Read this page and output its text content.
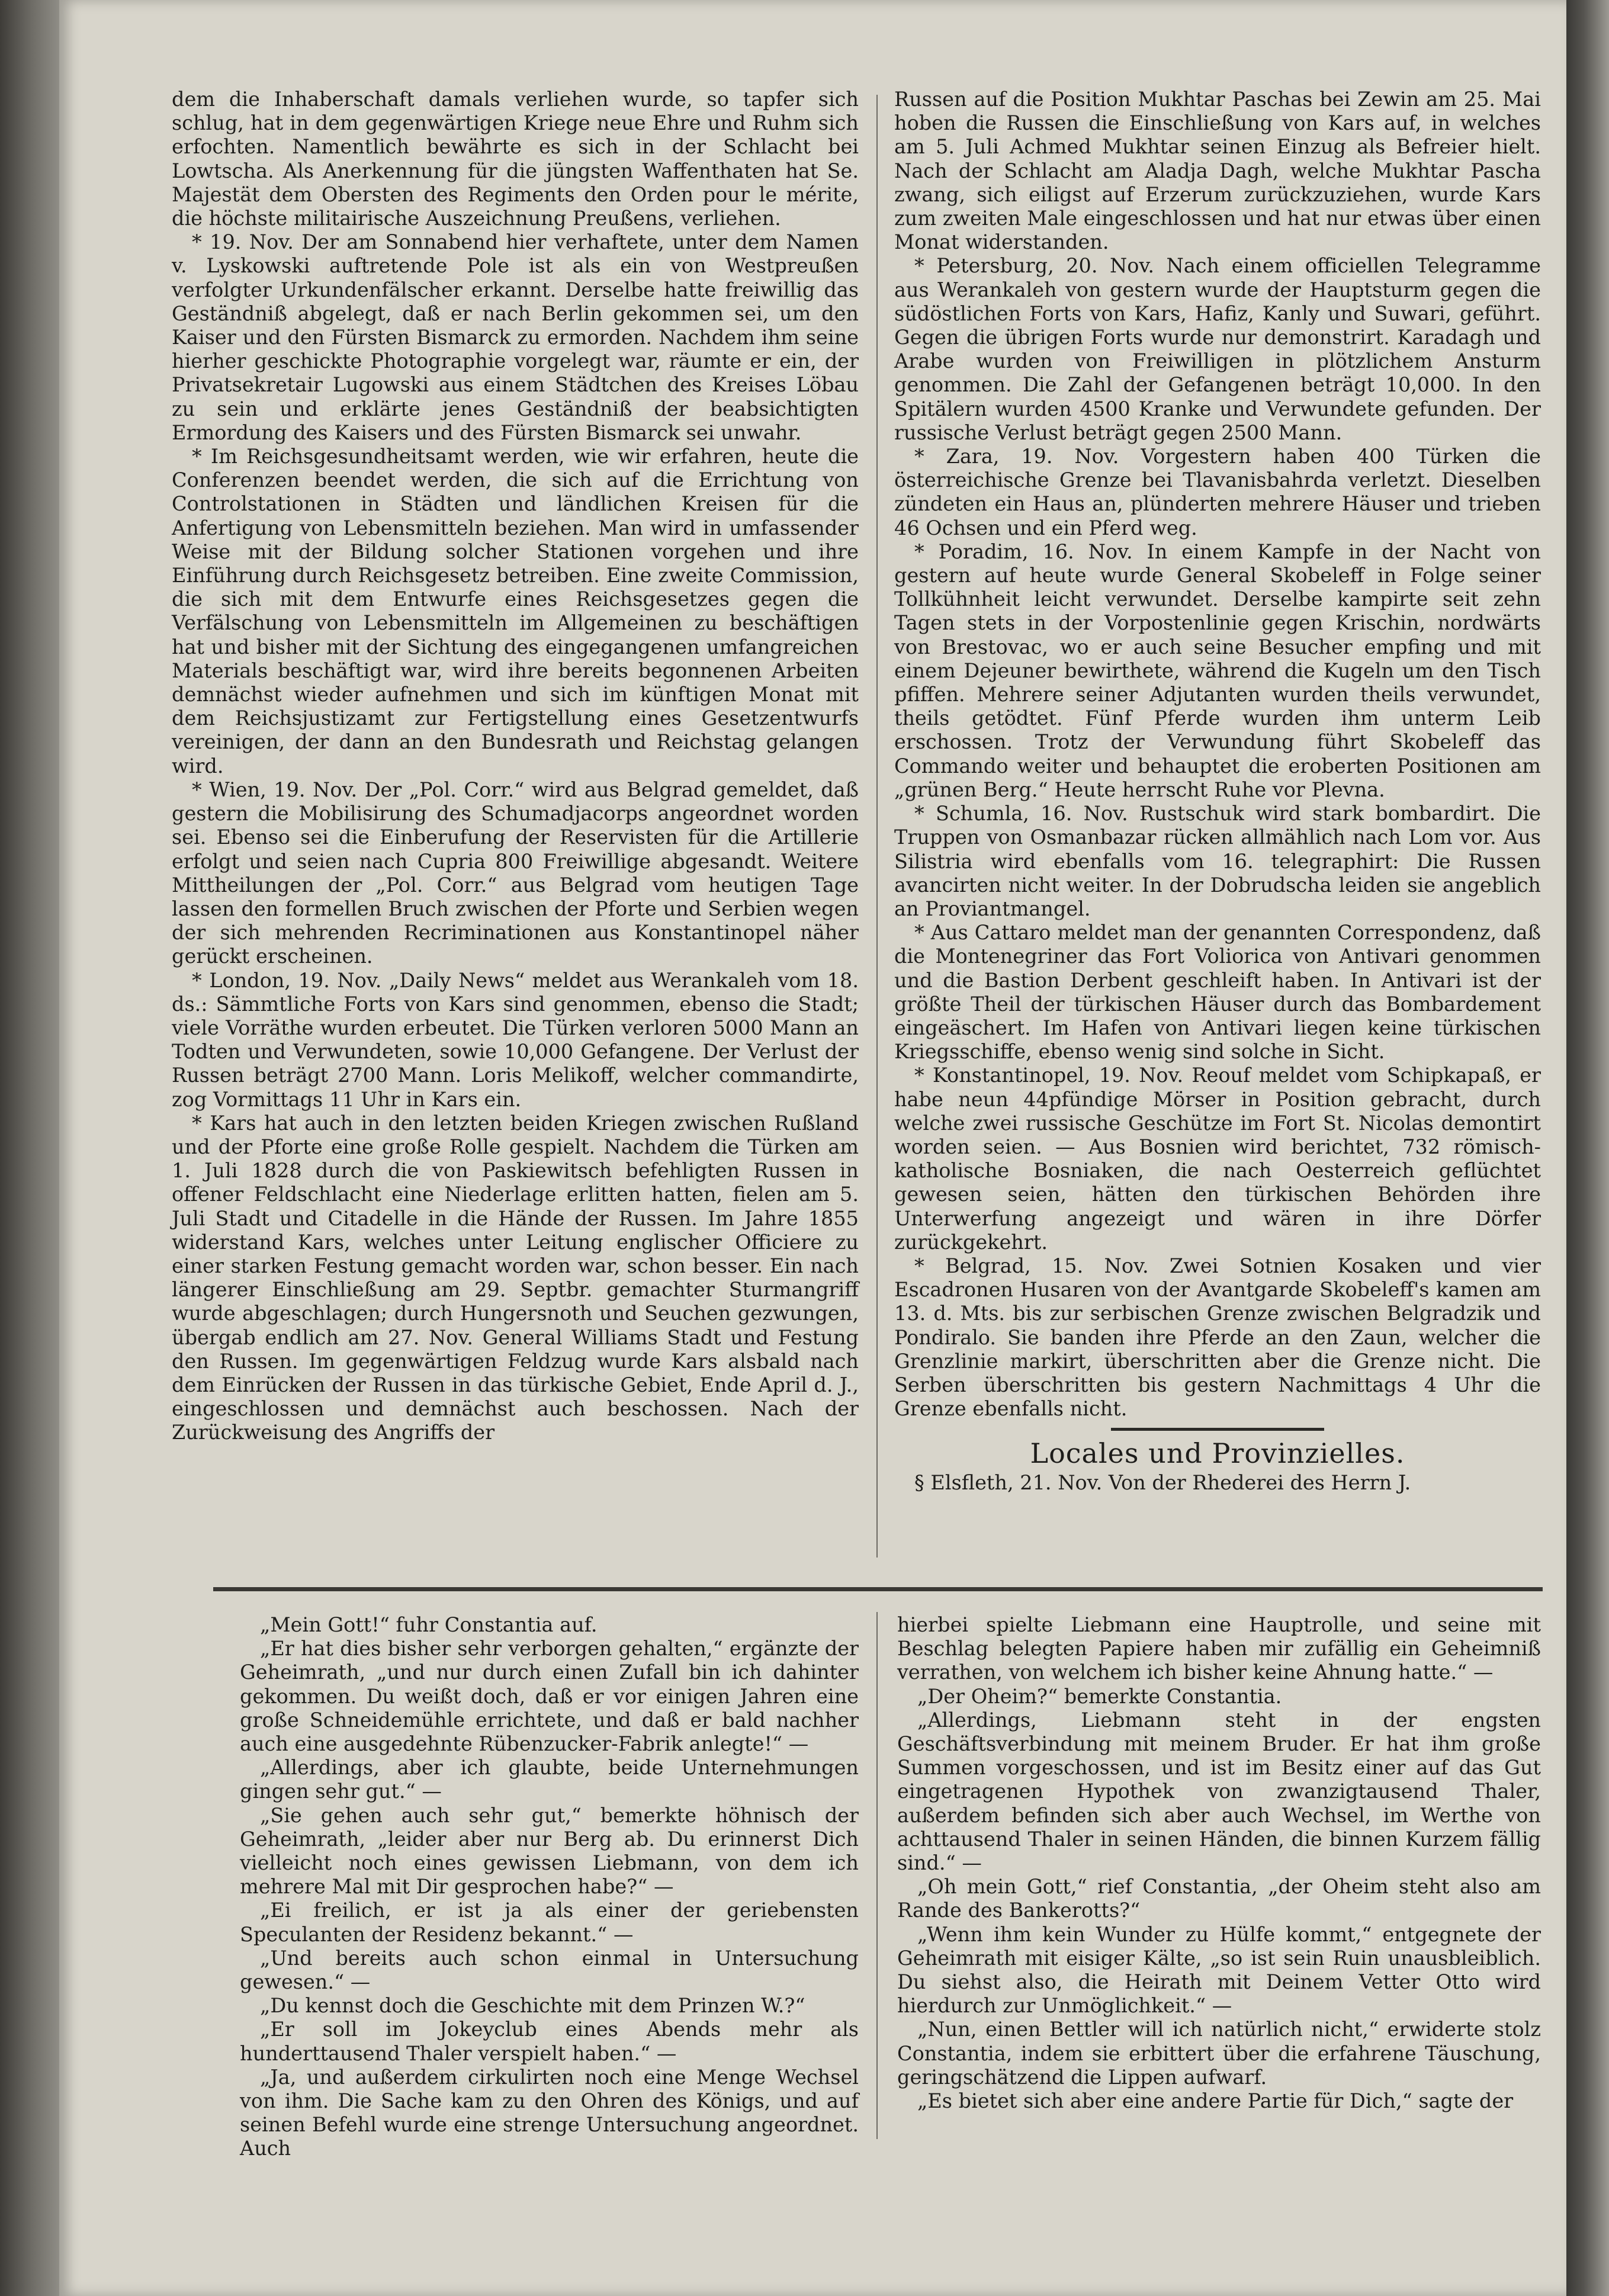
dem die Inhaberschaft damals verliehen wurde, so tapfer sich schlug, hat in dem gegenwärtigen Kriege neue Ehre und Ruhm sich erfochten. Namentlich bewährte es sich in der Schlacht bei Lowtscha. Als Anerkennung für die jüngsten Waffenthaten hat Se. Majestät dem Obersten des Regiments den Orden pour le mérite, die höchste militairische Auszeichnung Preußens, verliehen.

* 19. Nov. Der am Sonnabend hier verhaftete, unter dem Namen v. Lyskowski auftretende Pole ist als ein von Westpreußen verfolgter Urkundenfälscher erkannt. Derselbe hatte freiwillig das Geständniß abgelegt, daß er nach Berlin gekommen sei, um den Kaiser und den Fürsten Bismarck zu ermorden. Nachdem ihm seine hierher geschickte Photographie vorgelegt war, räumte er ein, der Privatsekretair Lugowski aus einem Städtchen des Kreises Löbau zu sein und erklärte jenes Geständniß der beabsichtigten Ermordung des Kaisers und des Fürsten Bismarck sei unwahr.

* Im Reichsgesundheitsamt werden, wie wir erfahren, heute die Conferenzen beendet werden, die sich auf die Errichtung von Controlstationen in Städten und ländlichen Kreisen für die Anfertigung von Lebensmitteln beziehen. Man wird in umfassender Weise mit der Bildung solcher Stationen vorgehen und ihre Einführung durch Reichsgesetz betreiben. Eine zweite Commission, die sich mit dem Entwurfe eines Reichsgesetzes gegen die Verfälschung von Lebensmitteln im Allgemeinen zu beschäftigen hat und bisher mit der Sichtung des eingegangenen umfangreichen Materials beschäftigt war, wird ihre bereits begonnenen Arbeiten demnächst wieder aufnehmen und sich im künftigen Monat mit dem Reichsjustizamt zur Fertigstellung eines Gesetzentwurfs vereinigen, der dann an den Bundesrath und Reichstag gelangen wird.

* Wien, 19. Nov. Der „Pol. Corr.“ wird aus Belgrad gemeldet, daß gestern die Mobilisirung des Schumadjacorps angeordnet worden sei. Ebenso sei die Einberufung der Reservisten für die Artillerie erfolgt und seien nach Cupria 800 Freiwillige abgesandt. Weitere Mittheilungen der „Pol. Corr.“ aus Belgrad vom heutigen Tage lassen den formellen Bruch zwischen der Pforte und Serbien wegen der sich mehrenden Recriminationen aus Konstantinopel näher gerückt erscheinen.

* London, 19. Nov. „Daily News“ meldet aus Werankaleh vom 18. ds.: Sämmtliche Forts von Kars sind genommen, ebenso die Stadt; viele Vorräthe wurden erbeutet. Die Türken verloren 5000 Mann an Todten und Verwundeten, sowie 10,000 Gefangene. Der Verlust der Russen beträgt 2700 Mann. Loris Melikoff, welcher commandirte, zog Vormittags 11 Uhr in Kars ein.

* Kars hat auch in den letzten beiden Kriegen zwischen Rußland und der Pforte eine große Rolle gespielt. Nachdem die Türken am 1. Juli 1828 durch die von Paskiewitsch befehligten Russen in offener Feldschlacht eine Niederlage erlitten hatten, fielen am 5. Juli Stadt und Citadelle in die Hände der Russen. Im Jahre 1855 widerstand Kars, welches unter Leitung englischer Officiere zu einer starken Festung gemacht worden war, schon besser. Ein nach längerer Einschließung am 29. Septbr. gemachter Sturmangriff wurde abgeschlagen; durch Hungersnoth und Seuchen gezwungen, übergab endlich am 27. Nov. General Williams Stadt und Festung den Russen. Im gegenwärtigen Feldzug wurde Kars alsbald nach dem Einrücken der Russen in das türkische Gebiet, Ende April d. J., eingeschlossen und demnächst auch beschossen. Nach der Zurückweisung des Angriffs der

Russen auf die Position Mukhtar Paschas bei Zewin am 25. Mai hoben die Russen die Einschließung von Kars auf, in welches am 5. Juli Achmed Mukhtar seinen Einzug als Befreier hielt. Nach der Schlacht am Aladja Dagh, welche Mukhtar Pascha zwang, sich eiligst auf Erzerum zurückzuziehen, wurde Kars zum zweiten Male eingeschlossen und hat nur etwas über einen Monat widerstanden.

* Petersburg, 20. Nov. Nach einem officiellen Telegramme aus Werankaleh von gestern wurde der Hauptsturm gegen die südöstlichen Forts von Kars, Hafiz, Kanly und Suwari, geführt. Gegen die übrigen Forts wurde nur demonstrirt. Karadagh und Arabe wurden von Freiwilligen in plötzlichem Ansturm genommen. Die Zahl der Gefangenen beträgt 10,000. In den Spitälern wurden 4500 Kranke und Verwundete gefunden. Der russische Verlust beträgt gegen 2500 Mann.

* Zara, 19. Nov. Vorgestern haben 400 Türken die österreichische Grenze bei Tlavanisbahrda verletzt. Dieselben zündeten ein Haus an, plünderten mehrere Häuser und trieben 46 Ochsen und ein Pferd weg.

* Poradim, 16. Nov. In einem Kampfe in der Nacht von gestern auf heute wurde General Skobeleff in Folge seiner Tollkühnheit leicht verwundet. Derselbe kampirte seit zehn Tagen stets in der Vorpostenlinie gegen Krischin, nordwärts von Brestovac, wo er auch seine Besucher empfing und mit einem Dejeuner bewirthete, während die Kugeln um den Tisch pfiffen. Mehrere seiner Adjutanten wurden theils verwundet, theils getödtet. Fünf Pferde wurden ihm unterm Leib erschossen. Trotz der Verwundung führt Skobeleff das Commando weiter und behauptet die eroberten Positionen am „grünen Berg.“ Heute herrscht Ruhe vor Plevna.

* Schumla, 16. Nov. Rustschuk wird stark bombardirt. Die Truppen von Osmanbazar rücken allmählich nach Lom vor. Aus Silistria wird ebenfalls vom 16. telegraphirt: Die Russen avancirten nicht weiter. In der Dobrudscha leiden sie angeblich an Proviantmangel.

* Aus Cattaro meldet man der genannten Correspondenz, daß die Montenegriner das Fort Voliorica von Antivari genommen und die Bastion Derbent geschleift haben. In Antivari ist der größte Theil der türkischen Häuser durch das Bombardement eingeäschert. Im Hafen von Antivari liegen keine türkischen Kriegsschiffe, ebenso wenig sind solche in Sicht.

* Konstantinopel, 19. Nov. Reouf meldet vom Schipkapaß, er habe neun 44pfündige Mörser in Position gebracht, durch welche zwei russische Geschütze im Fort St. Nicolas demontirt worden seien. — Aus Bosnien wird berichtet, 732 römisch-katholische Bosniaken, die nach Oesterreich geflüchtet gewesen seien, hätten den türkischen Behörden ihre Unterwerfung angezeigt und wären in ihre Dörfer zurückgekehrt.

* Belgrad, 15. Nov. Zwei Sotnien Kosaken und vier Escadronen Husaren von der Avantgarde Skobeleff's kamen am 13. d. Mts. bis zur serbischen Grenze zwischen Belgradzik und Pondiralo. Sie banden ihre Pferde an den Zaun, welcher die Grenzlinie markirt, überschritten aber die Grenze nicht. Die Serben überschritten bis gestern Nachmittags 4 Uhr die Grenze ebenfalls nicht.

Locales und Provinzielles.

§ Elsfleth, 21. Nov. Von der Rhederei des Herrn J.

„Mein Gott!“ fuhr Constantia auf.

„Er hat dies bisher sehr verborgen gehalten,“ ergänzte der Geheimrath, „und nur durch einen Zufall bin ich dahinter gekommen. Du weißt doch, daß er vor einigen Jahren eine große Schneidemühle errichtete, und daß er bald nachher auch eine ausgedehnte Rübenzucker-Fabrik anlegte!“ —

„Allerdings, aber ich glaubte, beide Unternehmungen gingen sehr gut.“ —

„Sie gehen auch sehr gut,“ bemerkte höhnisch der Geheimrath, „leider aber nur Berg ab. Du erinnerst Dich vielleicht noch eines gewissen Liebmann, von dem ich mehrere Mal mit Dir gesprochen habe?“ —

„Ei freilich, er ist ja als einer der geriebensten Speculanten der Residenz bekannt.“ —

„Und bereits auch schon einmal in Untersuchung gewesen.“ —

„Du kennst doch die Geschichte mit dem Prinzen W.?“

„Er soll im Jokeyclub eines Abends mehr als hunderttausend Thaler verspielt haben.“ —

„Ja, und außerdem cirkulirten noch eine Menge Wechsel von ihm. Die Sache kam zu den Ohren des Königs, und auf seinen Befehl wurde eine strenge Untersuchung angeordnet. Auch

hierbei spielte Liebmann eine Hauptrolle, und seine mit Beschlag belegten Papiere haben mir zufällig ein Geheimniß verrathen, von welchem ich bisher keine Ahnung hatte.“ —

„Der Oheim?“ bemerkte Constantia.

„Allerdings, Liebmann steht in der engsten Geschäftsverbindung mit meinem Bruder. Er hat ihm große Summen vorgeschossen, und ist im Besitz einer auf das Gut eingetragenen Hypothek von zwanzigtausend Thaler, außerdem befinden sich aber auch Wechsel, im Werthe von achttausend Thaler in seinen Händen, die binnen Kurzem fällig sind.“ —

„Oh mein Gott,“ rief Constantia, „der Oheim steht also am Rande des Bankerotts?“

„Wenn ihm kein Wunder zu Hülfe kommt,“ entgegnete der Geheimrath mit eisiger Kälte, „so ist sein Ruin unausbleiblich. Du siehst also, die Heirath mit Deinem Vetter Otto wird hierdurch zur Unmöglichkeit.“ —

„Nun, einen Bettler will ich natürlich nicht,“ erwiderte stolz Constantia, indem sie erbittert über die erfahrene Täuschung, geringschätzend die Lippen aufwarf.

„Es bietet sich aber eine andere Partie für Dich,“ sagte der
